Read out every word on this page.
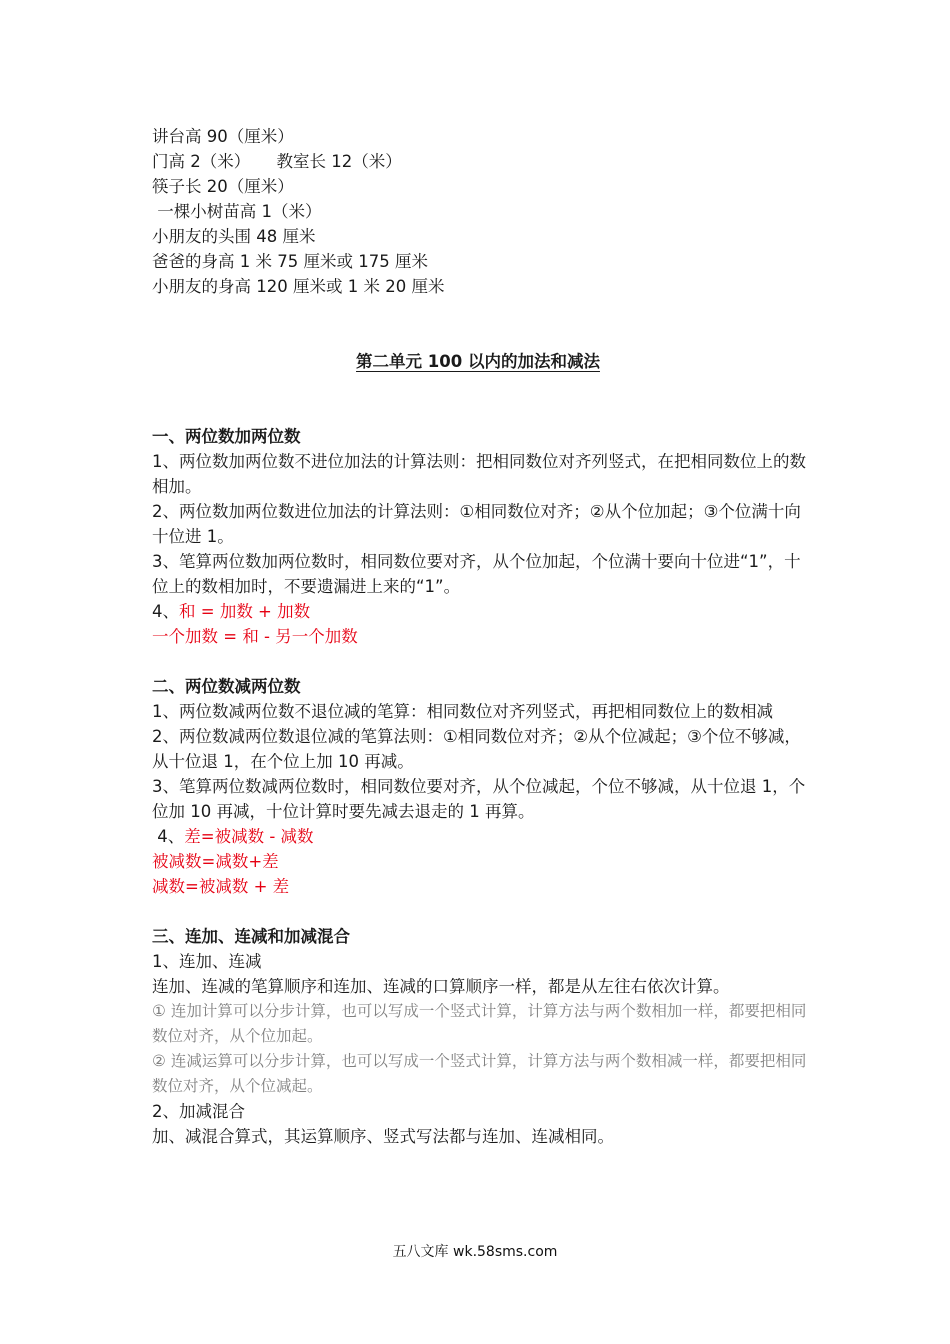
讲台高 90（厘米）
门高 2（米）     教室长 12（米）
筷子长 20（厘米）
一棵小树苗高 1（米）
小朋友的头围 48 厘米
爸爸的身高 1 米 75 厘米或 175 厘米
小朋友的身高 120 厘米或 1 米 20 厘米
第二单元 100 以内的加法和减法
一、两位数加两位数
1、两位数加两位数不进位加法的计算法则：把相同数位对齐列竖式，在把相同数位上的数相加。
2、两位数加两位数进位加法的计算法则：①相同数位对齐；②从个位加起；③个位满十向十位进 1。
3、笔算两位数加两位数时，相同数位要对齐，从个位加起，个位满十要向十位进“1”，十位上的数相加时，不要遗漏进上来的“1”。
4、和 = 加数 + 加数
一个加数 = 和 - 另一个加数
二、两位数减两位数
1、两位数减两位数不退位减的笔算：相同数位对齐列竖式，再把相同数位上的数相减
2、两位数减两位数退位减的笔算法则：①相同数位对齐；②从个位减起；③个位不够减，从十位退 1，在个位上加 10 再减。
3、笔算两位数减两位数时，相同数位要对齐，从个位减起，个位不够减，从十位退 1，个位加 10 再减，十位计算时要先减去退走的 1 再算。
4、差=被减数 - 减数
被减数=减数+差
减数=被减数 + 差
三、连加、连减和加减混合
1、连加、连减
连加、连减的笔算顺序和连加、连减的口算顺序一样，都是从左往右依次计算。
① 连加计算可以分步计算，也可以写成一个竖式计算，计算方法与两个数相加一样，都要把相同数位对齐，从个位加起。
② 连减运算可以分步计算，也可以写成一个竖式计算，计算方法与两个数相减一样，都要把相同数位对齐，从个位减起。
2、加减混合
加、减混合算式，其运算顺序、竖式写法都与连加、连减相同。
五八文库 wk.58sms.com
